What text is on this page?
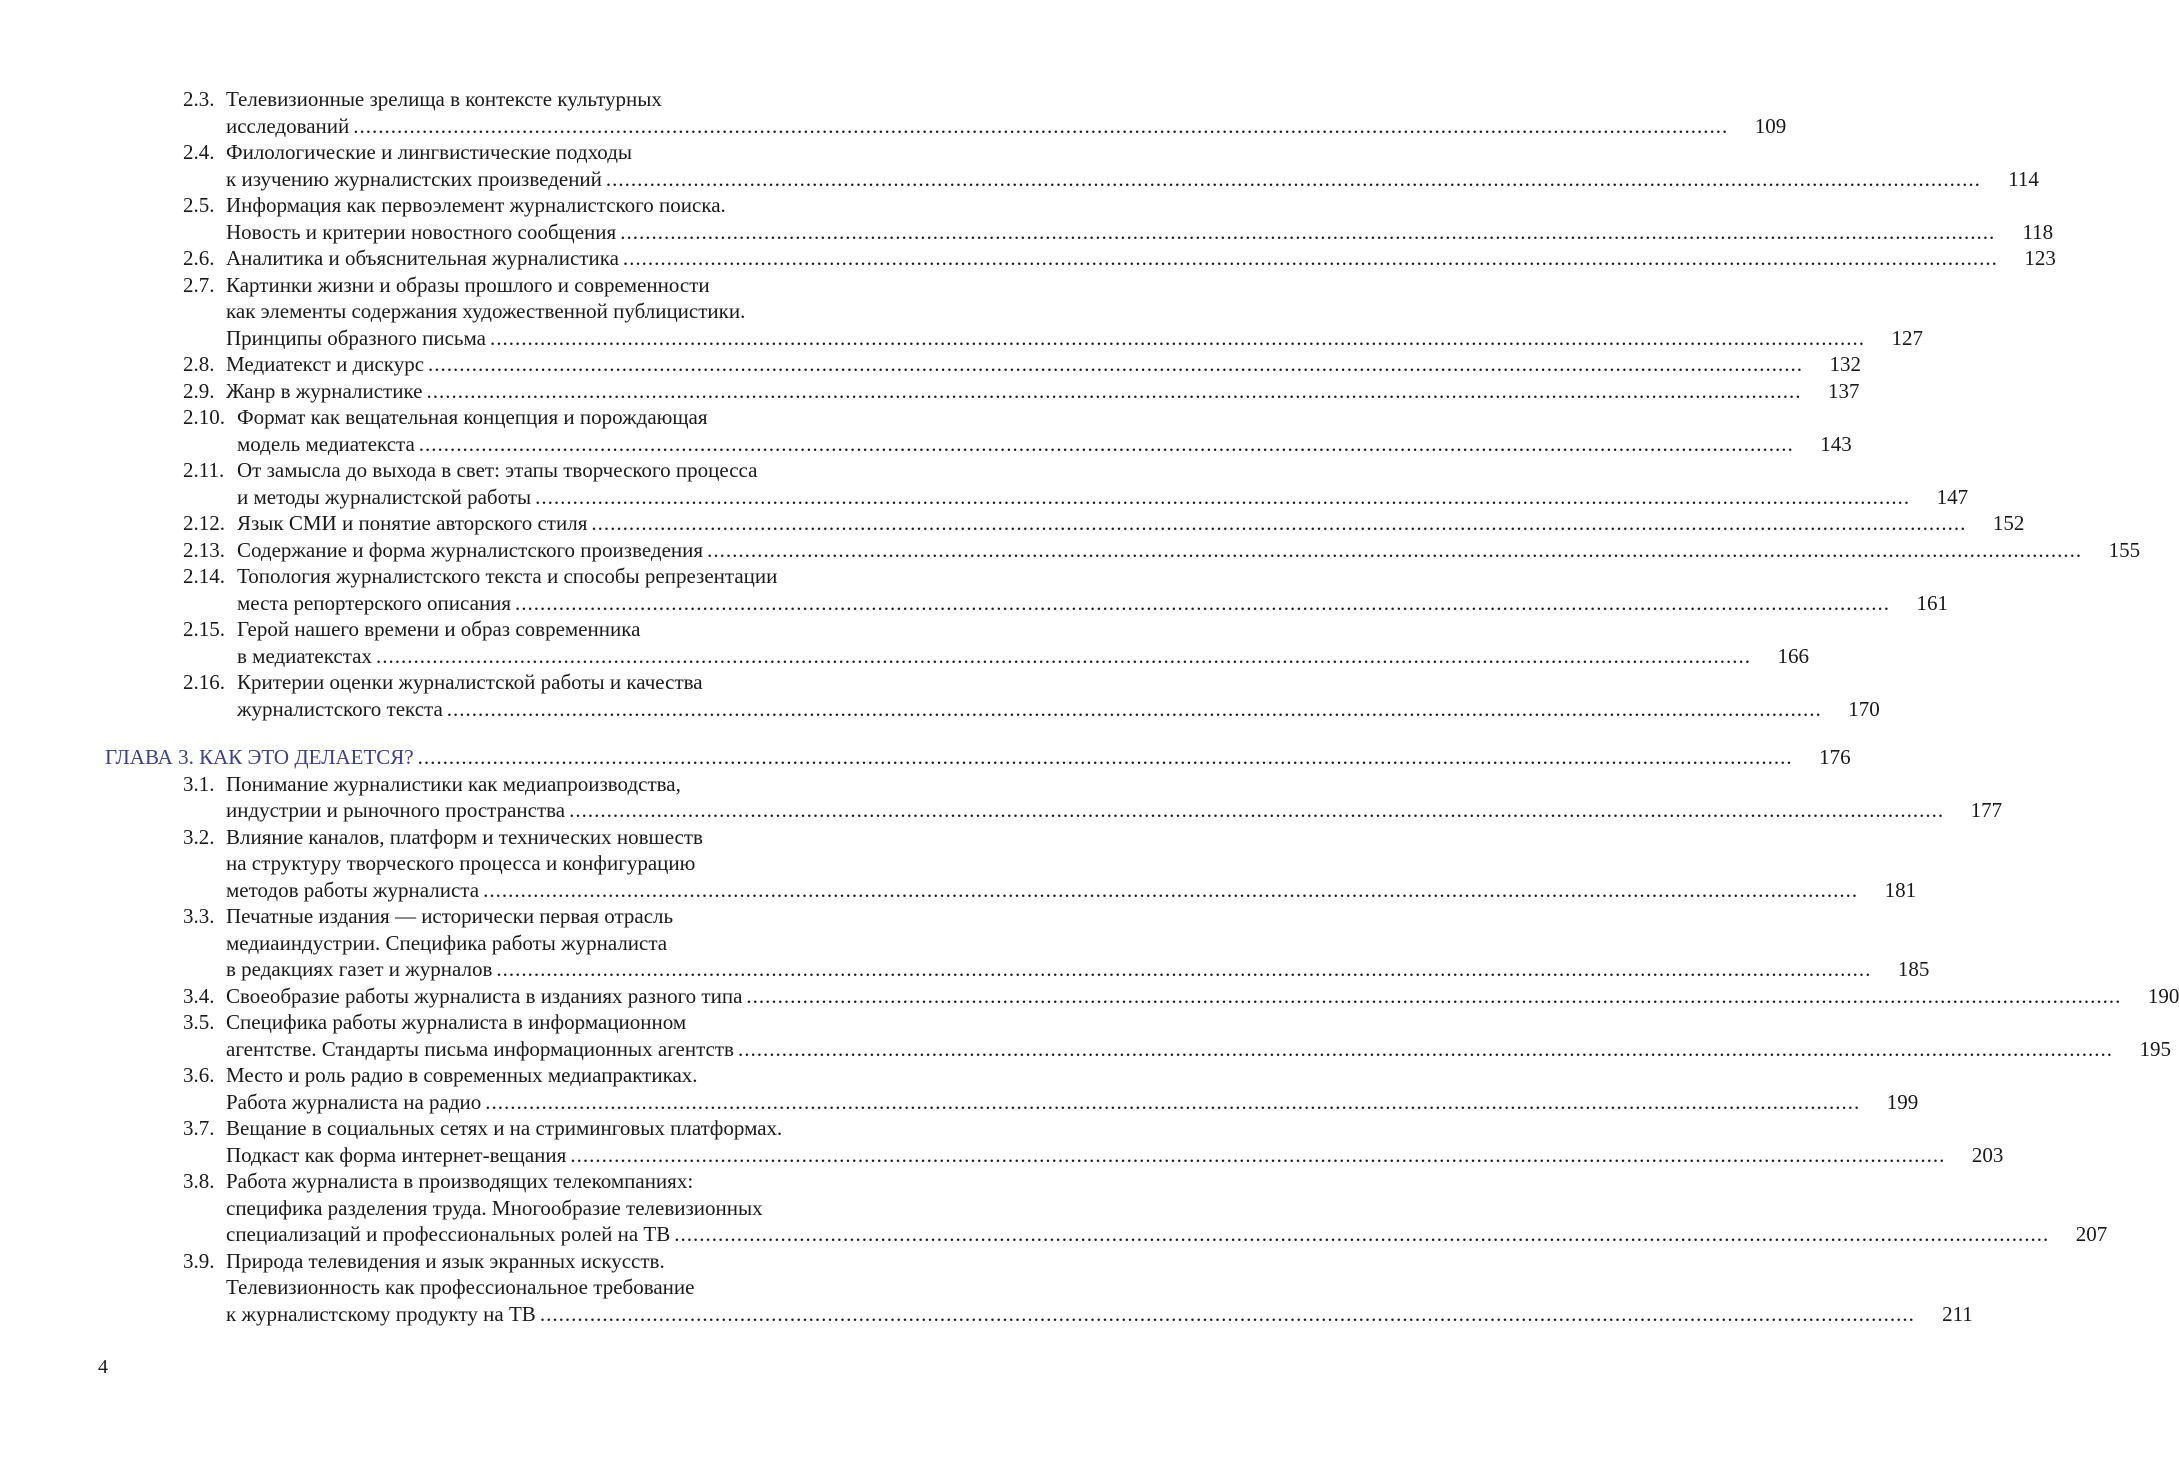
2.3. Телевизионные зрелища в контексте культурных
исследований ............................................................................................................................................................................................................................	109
2.4. Филологические и лингвистические подходы
к изучению журналистских произведений ............................................................................................................................................................................................................................	114
2.5. Информация как первоэлемент журналистского поиска.
Новость и критерии новостного сообщения ............................................................................................................................................................................................................................	118
2.6. Аналитика и объяснительная журналистика ............................................................................................................................................................................................................................	123
2.7. Картинки жизни и образы прошлого и современности
как элементы содержания художественной публицистики.
Принципы образного письма ............................................................................................................................................................................................................................	127
2.8. Медиатекст и дискурс ............................................................................................................................................................................................................................	132
2.9. Жанр в журналистике ............................................................................................................................................................................................................................	137
2.10. Формат как вещательная концепция и порождающая
модель медиатекста ............................................................................................................................................................................................................................	143
2.11. От замысла до выхода в свет: этапы творческого процесса
и методы журналистской работы ............................................................................................................................................................................................................................	147
2.12. Язык СМИ и понятие авторского стиля ............................................................................................................................................................................................................................	152
2.13. Содержание и форма журналистского произведения ............................................................................................................................................................................................................................	155
2.14. Топология журналистского текста и способы репрезентации
места репортерского описания ............................................................................................................................................................................................................................	161
2.15. Герой нашего времени и образ современника
в медиатекстах ............................................................................................................................................................................................................................	166
2.16. Критерии оценки журналистской работы и качества
журналистского текста ............................................................................................................................................................................................................................	170
ГЛАВА 3. КАК ЭТО ДЕЛАЕТСЯ? ............................................................................................................................................................................................................................	176
3.1. Понимание журналистики как медиапроизводства,
индустрии и рыночного пространства ............................................................................................................................................................................................................................	177
3.2. Влияние каналов, платформ и технических новшеств
на структуру творческого процесса и конфигурацию
методов работы журналиста ............................................................................................................................................................................................................................	181
3.3. Печатные издания — исторически первая отрасль
медиаиндустрии. Специфика работы журналиста
в редакциях газет и журналов ............................................................................................................................................................................................................................	185
3.4. Своеобразие работы журналиста в изданиях разного типа ............................................................................................................................................................................................................................	190
3.5. Специфика работы журналиста в информационном
агентстве. Стандарты письма информационных агентств ............................................................................................................................................................................................................................	195
3.6. Место и роль радио в современных медиапрактиках.
Работа журналиста на радио ............................................................................................................................................................................................................................	199
3.7. Вещание в социальных сетях и на стриминговых платформах.
Подкаст как форма интернет-вещания ............................................................................................................................................................................................................................	203
3.8. Работа журналиста в производящих телекомпаниях:
специфика разделения труда. Многообразие телевизионных
специализаций и профессиональных ролей на ТВ ............................................................................................................................................................................................................................	207
3.9. Природа телевидения и язык экранных искусств.
Телевизионность как профессиональное требование
к журналистскому продукту на ТВ ............................................................................................................................................................................................................................	211
4
